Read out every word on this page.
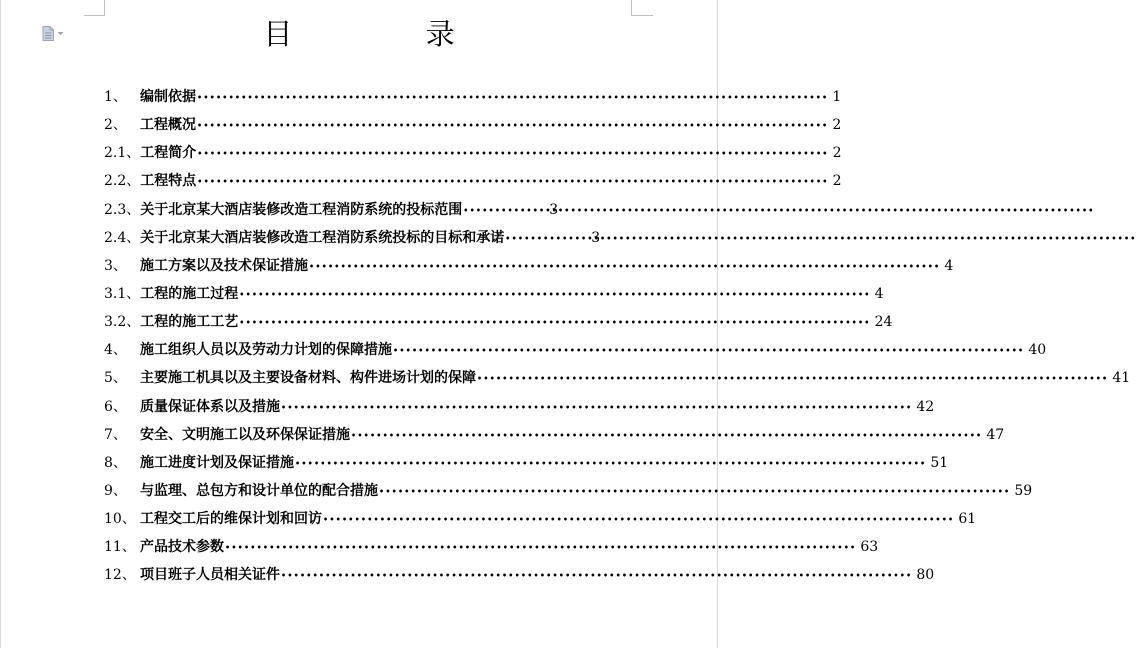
目 录
1、 编制依据 •••••	1
2、 工程概况 •••••	2
2.1、 工程简介 •••••	2
2.2、 工程特点 •••••	2
2.3、 关于北京某大酒店装修改造工程消防系统的投标范围 •••••	3
2.4、 关于北京某大酒店装修改造工程消防系统投标的目标和承诺 •••••	3
3、 施工方案以及技术保证措施 •••••	4
3.1、 工程的施工过程 •••••	4
3.2、 工程的施工工艺 •••••	24
4、 施工组织人员以及劳动力计划的保障措施 •••••	40
5、 主要施工机具以及主要设备材料、构件进场计划的保障 •••••	41
6、 质量保证体系以及措施 •••••	42
7、 安全、文明施工以及环保保证措施 •••••	47
8、 施工进度计划及保证措施 •••••	51
9、 与监理、总包方和设计单位的配合措施 •••••	59
10、 工程交工后的维保计划和回访 •••••	61
11、 产品技术参数 •••••	63
12、 项目班子人员相关证件 •••••	80
